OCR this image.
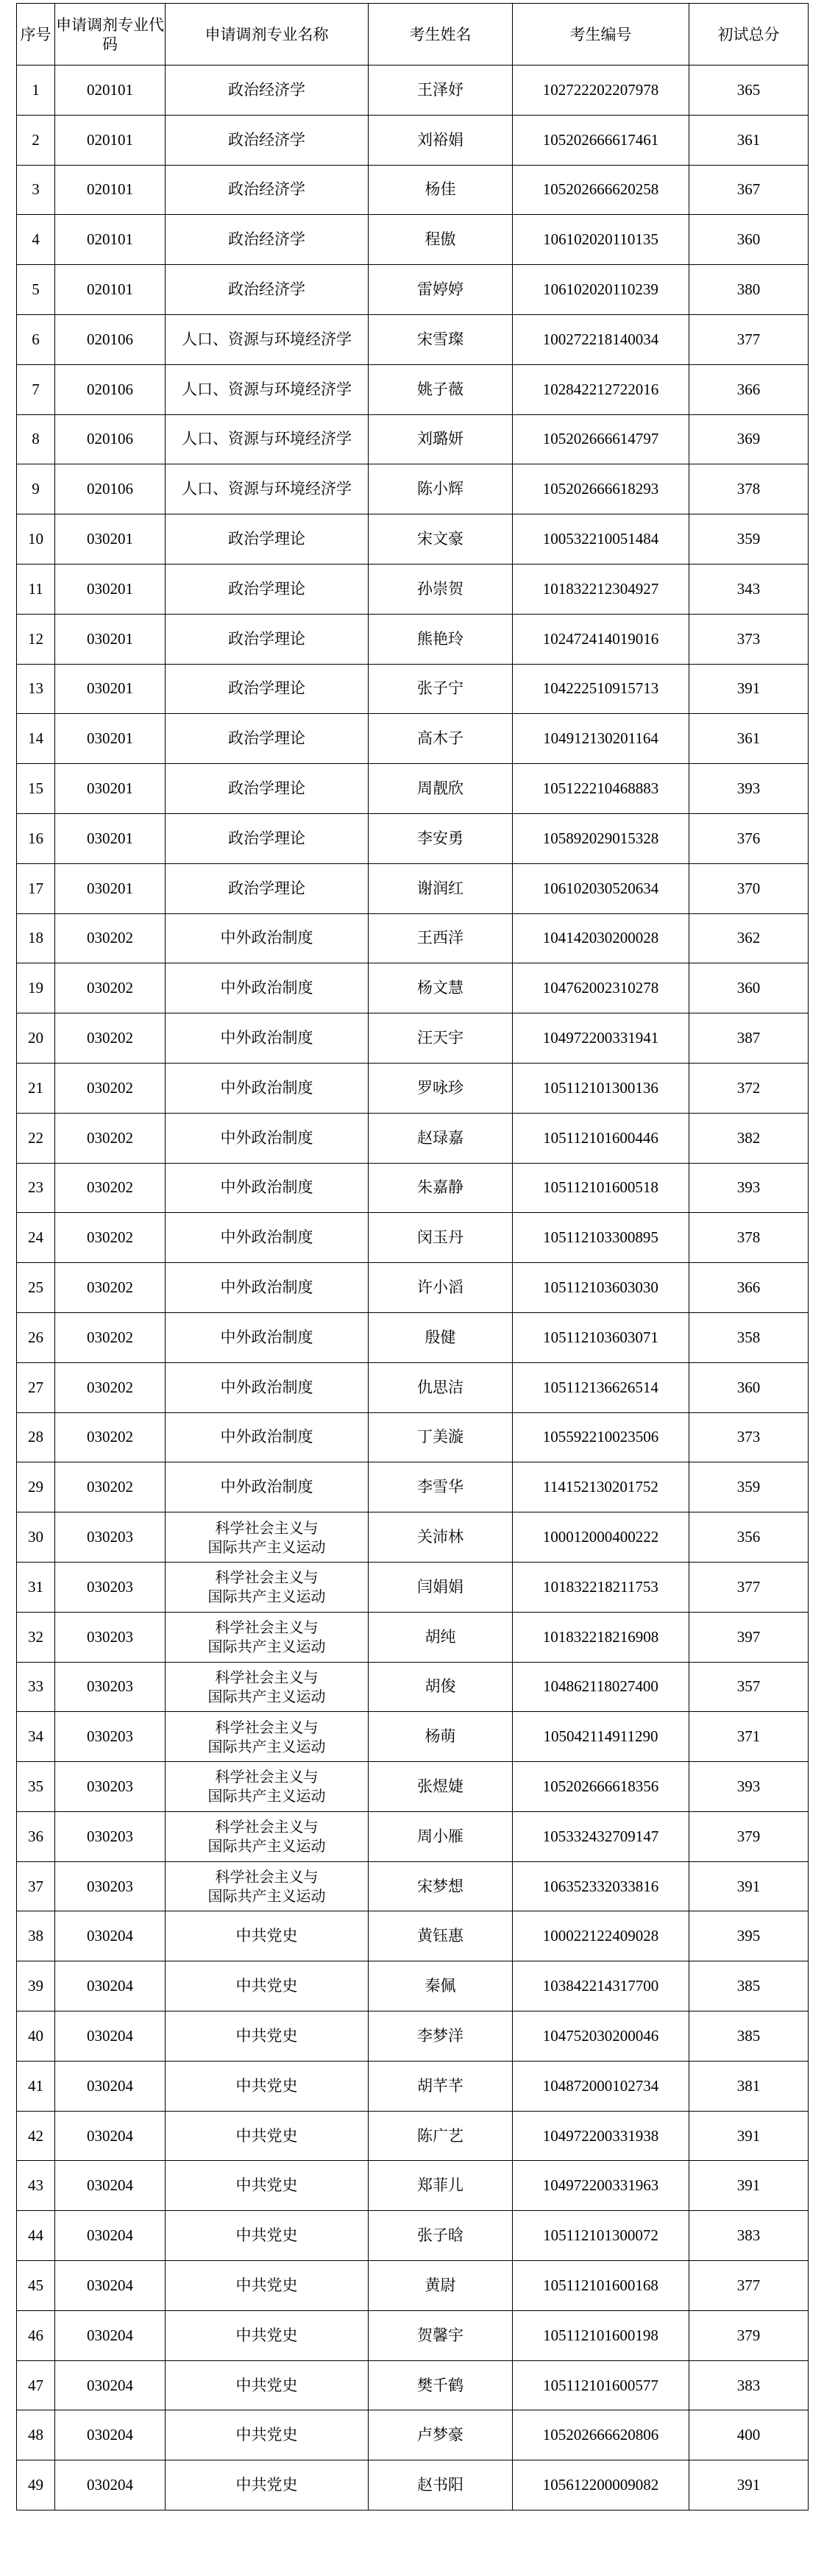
序号	申请调剂专业代码	申请调剂专业名称	考生姓名	考生编号	初试总分
1	020101	政治经济学	王泽妤	102722202207978	365
2	020101	政治经济学	刘裕娟	105202666617461	361
3	020101	政治经济学	杨佳	105202666620258	367
4	020101	政治经济学	程傲	106102020110135	360
5	020101	政治经济学	雷婷婷	106102020110239	380
6	020106	人口、资源与环境经济学	宋雪璨	100272218140034	377
7	020106	人口、资源与环境经济学	姚子薇	102842212722016	366
8	020106	人口、资源与环境经济学	刘璐妍	105202666614797	369
9	020106	人口、资源与环境经济学	陈小辉	105202666618293	378
10	030201	政治学理论	宋文豪	100532210051484	359
11	030201	政治学理论	孙崇贺	101832212304927	343
12	030201	政治学理论	熊艳玲	102472414019016	373
13	030201	政治学理论	张子宁	104222510915713	391
14	030201	政治学理论	高木子	104912130201164	361
15	030201	政治学理论	周靓欣	105122210468883	393
16	030201	政治学理论	李安勇	105892029015328	376
17	030201	政治学理论	谢润红	106102030520634	370
18	030202	中外政治制度	王西洋	104142030200028	362
19	030202	中外政治制度	杨文慧	104762002310278	360
20	030202	中外政治制度	汪天宇	104972200331941	387
21	030202	中外政治制度	罗咏珍	105112101300136	372
22	030202	中外政治制度	赵琭嘉	105112101600446	382
23	030202	中外政治制度	朱嘉静	105112101600518	393
24	030202	中外政治制度	闵玉丹	105112103300895	378
25	030202	中外政治制度	许小滔	105112103603030	366
26	030202	中外政治制度	殷健	105112103603071	358
27	030202	中外政治制度	仇思洁	105112136626514	360
28	030202	中外政治制度	丁美漩	105592210023506	373
29	030202	中外政治制度	李雪华	114152130201752	359
30	030203	科学社会主义与
国际共产主义运动	关沛林	100012000400222	356
31	030203	科学社会主义与
国际共产主义运动	闫娟娟	101832218211753	377
32	030203	科学社会主义与
国际共产主义运动	胡纯	101832218216908	397
33	030203	科学社会主义与
国际共产主义运动	胡俊	104862118027400	357
34	030203	科学社会主义与
国际共产主义运动	杨萌	105042114911290	371
35	030203	科学社会主义与
国际共产主义运动	张煜婕	105202666618356	393
36	030203	科学社会主义与
国际共产主义运动	周小雁	105332432709147	379
37	030203	科学社会主义与
国际共产主义运动	宋梦想	106352332033816	391
38	030204	中共党史	黄钰惠	100022122409028	395
39	030204	中共党史	秦佩	103842214317700	385
40	030204	中共党史	李梦洋	104752030200046	385
41	030204	中共党史	胡芊芊	104872000102734	381
42	030204	中共党史	陈广艺	104972200331938	391
43	030204	中共党史	郑菲儿	104972200331963	391
44	030204	中共党史	张子晗	105112101300072	383
45	030204	中共党史	黄尉	105112101600168	377
46	030204	中共党史	贺馨宇	105112101600198	379
47	030204	中共党史	樊千鹤	105112101600577	383
48	030204	中共党史	卢梦豪	105202666620806	400
49	030204	中共党史	赵书阳	105612200009082	391
